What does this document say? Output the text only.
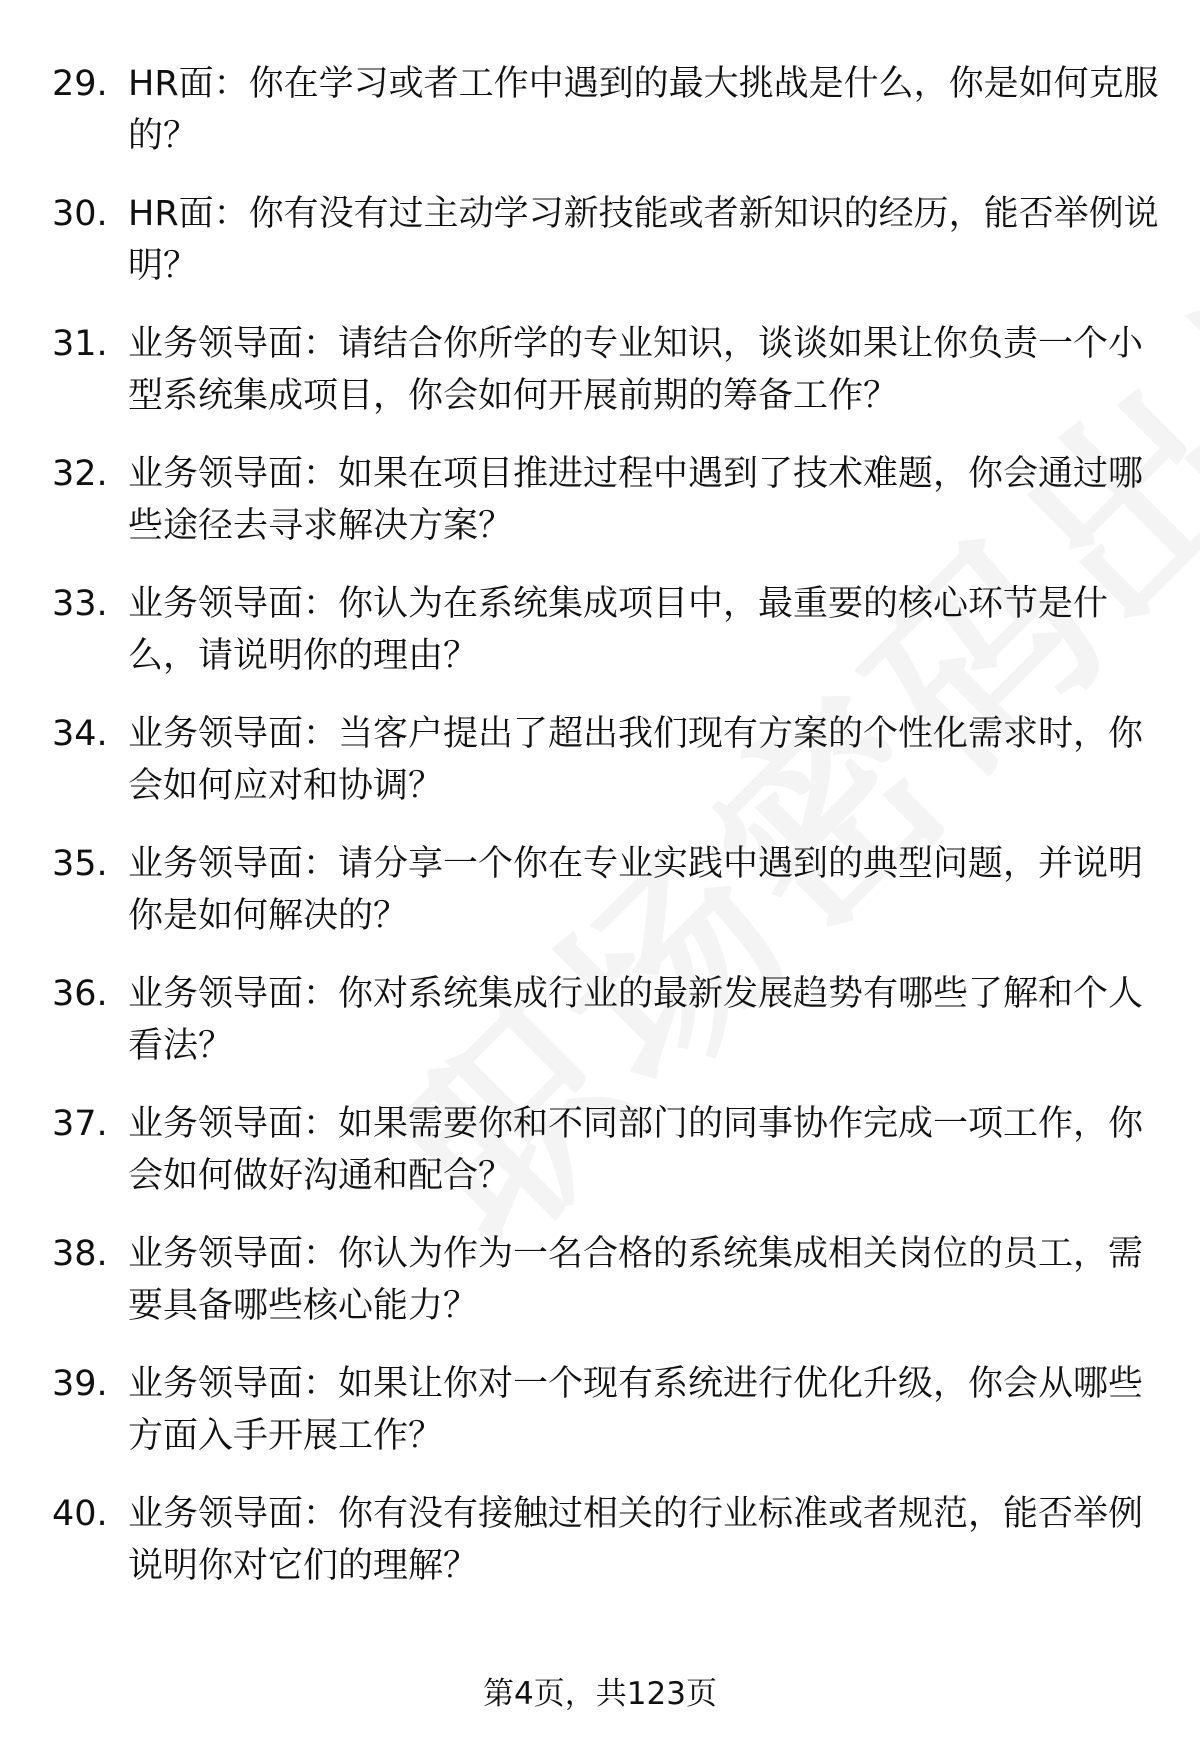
29. HR面：你在学习或者工作中遇到的最大挑战是什么，你是如何克服的？
30. HR面：你有没有过主动学习新技能或者新知识的经历，能否举例说明？
31. 业务领导面：请结合你所学的专业知识，谈谈如果让你负责一个小型系统集成项目，你会如何开展前期的筹备工作？
32. 业务领导面：如果在项目推进过程中遇到了技术难题，你会通过哪些途径去寻求解决方案？
33. 业务领导面：你认为在系统集成项目中，最重要的核心环节是什么，请说明你的理由？
34. 业务领导面：当客户提出了超出我们现有方案的个性化需求时，你会如何应对和协调？
35. 业务领导面：请分享一个你在专业实践中遇到的典型问题，并说明你是如何解决的？
36. 业务领导面：你对系统集成行业的最新发展趋势有哪些了解和个人看法？
37. 业务领导面：如果需要你和不同部门的同事协作完成一项工作，你会如何做好沟通和配合？
38. 业务领导面：你认为作为一名合格的系统集成相关岗位的员工，需要具备哪些核心能力？
39. 业务领导面：如果让你对一个现有系统进行优化升级，你会从哪些方面入手开展工作？
40. 业务领导面：你有没有接触过相关的行业标准或者规范，能否举例说明你对它们的理解？
第4页，共123页
